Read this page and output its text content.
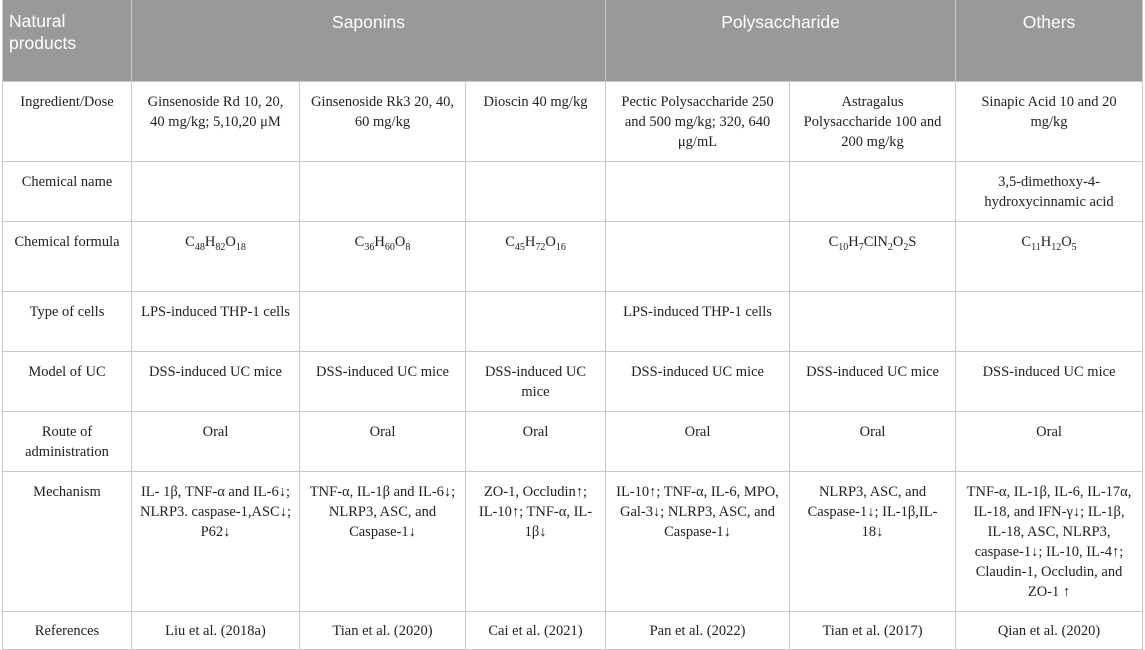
Natural products	Saponins			Polysaccharide		Others
Ingredient/Dose	Ginsenoside Rd 10, 20, 40 mg/kg; 5,10,20 μM	Ginsenoside Rk3 20, 40, 60 mg/kg	Dioscin 40 mg/kg	Pectic Polysaccharide 250 and 500 mg/kg; 320, 640 μg/mL	Astragalus Polysaccharide 100 and 200 mg/kg	Sinapic Acid 10 and 20 mg/kg
Chemical name						3,5-dimethoxy-4-hydroxycinnamic acid
Chemical formula	$C_{48}H_{82}O_{18}$	$C_{36}H_{60}O_8$	$C_{45}H_{72}O_{16}$		$C_{10}H_7ClN_2O_2S$	$C_{11}H_{12}O_5$
Type of cells	LPS-induced THP-1 cells			LPS-induced THP-1 cells		
Model of UC	DSS-induced UC mice	DSS-induced UC mice	DSS-induced UC mice	DSS-induced UC mice	DSS-induced UC mice	DSS-induced UC mice
Route of administration	Oral	Oral	Oral	Oral	Oral	Oral
Mechanism	IL- 1β, TNF-α and IL-6↓; NLRP3. caspase-1,ASC↓; P62↓	TNF-α, IL-1β and IL-6↓; NLRP3, ASC, and Caspase-1↓	ZO-1, Occludin↑; IL-10↑; TNF-α, IL-1β↓	IL-10↑; TNF-α, IL-6, MPO, Gal-3↓; NLRP3, ASC, and Caspase-1↓	NLRP3, ASC, and Caspase-1↓; IL-1β,IL-18↓	TNF-α, IL-1β, IL-6, IL-17α, IL-18, and IFN-γ↓; IL-1β, IL-18, ASC, NLRP3, caspase-1↓; IL-10, IL-4↑; Claudin-1, Occludin, and ZO-1 ↑
References	Liu et al. (2018a)	Tian et al. (2020)	Cai et al. (2021)	Pan et al. (2022)	Tian et al. (2017)	Qian et al. (2020)
